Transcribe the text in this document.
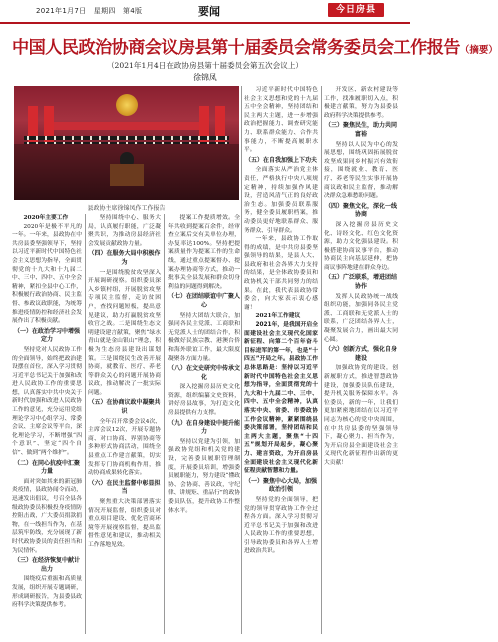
2021年1月7日　星期四　第4版	要闻	今日房县
中国人民政治协商会议房县第十届委员会常务委员会工作报告（摘要）
（2021年1月4日在政协房县第十届委员会第五次会议上）
徐锦凤
县政协主席徐锦凤作工作报告

2020年主要工作

2020年是极不平凡的一年。一年来，县政协在中共房县委坚强领导下，坚持以习近平新时代中国特色社会主义思想为指导，全面贯彻党的十九大和十九届二中、三中、四中、五中全会精神，紧扣全县中心工作，积极履行政治协商、民主监督、参政议政职能，为统筹推进疫情防控和经济社会发展作出了积极贡献。

（一）在政治学习中增强定力

坚持党对人民政协工作的全面领导，始终把政治建设摆在首位，深入学习贯彻习近平总书记关于加强和改进人民政协工作的重要思想，认真落实中共中央关于新时代加强和改进人民政协工作的意见，充分运用党组理论学习中心组学习、常委会议、主席会议等平台，深化理论学习，不断增强“四个意识”、坚定“四个自信”、做到“两个维护”。

（二）在同心抗疫中汇聚力量

面对突如其来的新冠肺炎疫情，县政协闻令而动，迅速发出倡议，号召全县各级政协委员积极投身疫情防控阻击战，广大委员捐款捐物，在一线担当作为，在基层筑牢防线，充分展现了新时代政协委员的责任担当和为民情怀。

（三）在经济恢复中献计出力

围绕疫后重振和高质量发展，组织开展专题调研，形成调研报告，为县委县政府科学决策提供参考。

坚持围绕中心、服务大局，认真履行职能，广泛凝聚共识，为推动房县经济社会发展贡献政协力量。

（四）在服务大局中积极作为

一是围绕脱贫攻坚深入开展调研视察。组织委员深入乡镇村组，开展脱贫攻坚专项民主监督，走访贫困户，查找问题短板，提出意见建议，助力打赢脱贫攻坚收官之战。二是围绕生态文明建设建言献策，聚焦“绿水青山就是金山银山”理念，积极为生态房县建设出谋划策。三是围绕民生改善开展协商，就教育、医疗、养老等群众关心的问题开展协商议政，推动解决了一批实际问题。

（五）在协商议政中凝聚共识

全年召开常委会议4次、主席会议12次，开展专题协商、对口协商、界别协商等多种形式协商活动，围绕全县重点工作建言献策，切实发挥专门协商机构作用，推动协商成果转化落实。

（六）在民主监督中彰显担当

聚焦重大决策部署落实情况开展监督，组织委员对重点项目建设、优化营商环境等开展视察监督，提出监督性意见和建议，推动相关工作落地见效。

提案工作提质增效。全年共收到提案百余件，经审查立案后交有关单位办理，办复率达100%。坚持把提案质量作为提案工作的生命线，通过重点提案督办、提案办理协商等方式，推动一批事关全县发展和群众切身利益的问题得到解决。

（七）在团结联谊中广聚人心

坚持大团结大联合，加强同各民主党派、工商联和无党派人士的团结合作，积极做好民族宗教、港澳台侨和海外联谊工作，最大限度凝聚各方面力量。

（八）在文史研究中传承文化

深入挖掘房县历史文化资源，组织编纂文史资料，讲好房县故事，为打造文化房县提供有力支撑。

（九）在自身建设中提升能力

坚持以党建为引领，加强政协党组和机关党的建设，完善委员履职管理制度，开展委员培训，增强委员履职能力，努力建设“懂政协、会协商、善议政，守纪律、讲规矩、重品行”的政协委员队伍，提升政协工作整体水平。

习近平新时代中国特色社会主义思想和党的十九届五中全会精神，坚持团结和民主两大主题，进一步增强政治把握能力、调查研究能力、联系群众能力、合作共事能力，不断提高履职水平。

（五）在自我加强上下功夫

全面落实从严治党主体责任，严格执行中央八项规定精神，持续加强作风建设，营造风清气正的良好政治生态。加强委员联系服务，健全委员履职档案，推动委员更好地联系群众、服务群众、引导群众。

一年来，县政协工作取得的成绩，是中共房县委坚强领导的结果，是县人大、县政府和社会各界大力支持的结果，是全体政协委员和政协机关干部共同努力的结果。在此，我代表县政协常委会，向大家表示衷心感谢！

2021年工作建议

2021年，是我国开启全面建设社会主义现代化国家新征程、向第二个百年奋斗目标进军的第一年，也是“十四五”开局之年。县政协工作总体思路是：坚持以习近平新时代中国特色社会主义思想为指导，全面贯彻党的十九大和十九届二中、三中、四中、五中全会精神，认真落实中央、省委、市委政协工作会议精神，紧紧围绕县委决策部署，坚持团结和民主两大主题，聚焦“十四五”规划开局起步，凝心聚力、建言资政，为开启房县全面建设社会主义现代化新征程贡献智慧和力量。

（一）聚焦中心大局，加强政治引领

坚持党的全面领导，把党的领导贯穿政协工作全过程各方面。深入学习贯彻习近平总书记关于加强和改进人民政协工作的重要思想，引导政协委员和各界人士增进政治共识。

开发区、新农村建设等工作，找准履职切入点，积极建言献策，努力为县委县政府科学决策提供参考。

（三）聚焦民生，助力共同富裕

坚持以人民为中心的发展思想，围绕巩固拓展脱贫攻坚成果同乡村振兴有效衔接，围绕就业、教育、医疗、养老等民生实事开展协商议政和民主监督，推动解决群众急难愁盼问题。

（四）聚焦文化，深化一线协商

深入挖掘房县历史文化、诗经文化、红色文化资源，助力文化强县建设。积极搭建协商议事平台，推动协商民主向基层延伸，把协商议事阵地建在群众身边。

（五）广泛联系，增进团结协作

发挥人民政协统一战线组织功能，加强同各民主党派、工商联和无党派人士的联系，广泛团结各界人士，凝聚发展合力，画出最大同心圆。

（六）创新方式，强化自身建设

加强政协党的建设，创新履职方式，推进智慧政协建设，加强委员队伍建设，提升机关服务保障水平。各位委员，新的一年，让我们更加紧密地团结在以习近平同志为核心的党中央周围，在中共房县委的坚强领导下，凝心聚力、担当作为，为开启房县全面建设社会主义现代化新征程作出新的更大贡献！
